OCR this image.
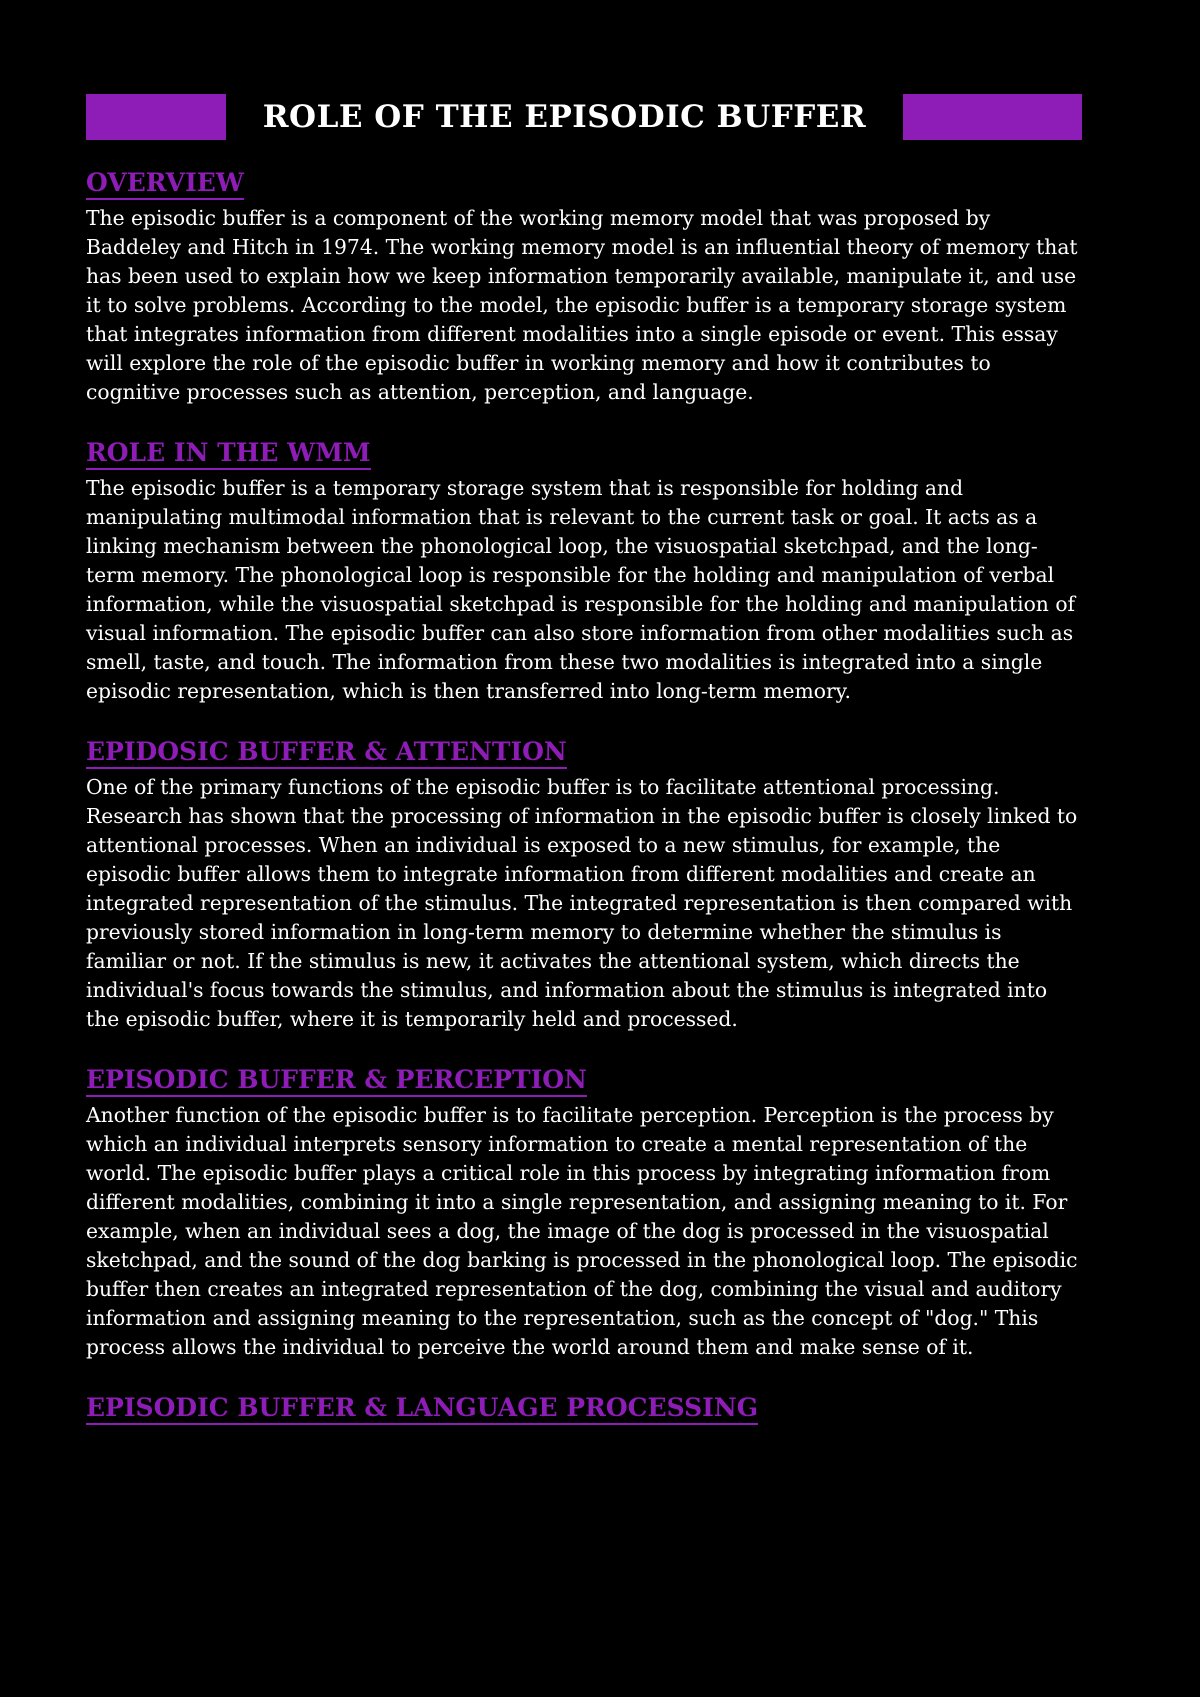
ROLE OF THE EPISODIC BUFFER
OVERVIEW

The episodic buffer is a component of the working memory model that was proposed by Baddeley and Hitch in 1974. The working memory model is an influential theory of memory that has been used to explain how we keep information temporarily available, manipulate it, and use it to solve problems. According to the model, the episodic buffer is a temporary storage system that integrates information from different modalities into a single episode or event. This essay will explore the role of the episodic buffer in working memory and how it contributes to cognitive processes such as attention, perception, and language.

ROLE IN THE WMM

The episodic buffer is a temporary storage system that is responsible for holding and manipulating multimodal information that is relevant to the current task or goal. It acts as a linking mechanism between the phonological loop, the visuospatial sketchpad, and the long-term memory. The phonological loop is responsible for the holding and manipulation of verbal information, while the visuospatial sketchpad is responsible for the holding and manipulation of visual information. The episodic buffer can also store information from other modalities such as smell, taste, and touch. The information from these two modalities is integrated into a single episodic representation, which is then transferred into long-term memory.

EPIDOSIC BUFFER & ATTENTION

One of the primary functions of the episodic buffer is to facilitate attentional processing. Research has shown that the processing of information in the episodic buffer is closely linked to attentional processes. When an individual is exposed to a new stimulus, for example, the episodic buffer allows them to integrate information from different modalities and create an integrated representation of the stimulus. The integrated representation is then compared with previously stored information in long-term memory to determine whether the stimulus is familiar or not. If the stimulus is new, it activates the attentional system, which directs the individual's focus towards the stimulus, and information about the stimulus is integrated into the episodic buffer, where it is temporarily held and processed.

EPISODIC BUFFER & PERCEPTION

Another function of the episodic buffer is to facilitate perception. Perception is the process by which an individual interprets sensory information to create a mental representation of the world. The episodic buffer plays a critical role in this process by integrating information from different modalities, combining it into a single representation, and assigning meaning to it. For example, when an individual sees a dog, the image of the dog is processed in the visuospatial sketchpad, and the sound of the dog barking is processed in the phonological loop. The episodic buffer then creates an integrated representation of the dog, combining the visual and auditory information and assigning meaning to the representation, such as the concept of "dog." This process allows the individual to perceive the world around them and make sense of it.

EPISODIC BUFFER & LANGUAGE PROCESSING
